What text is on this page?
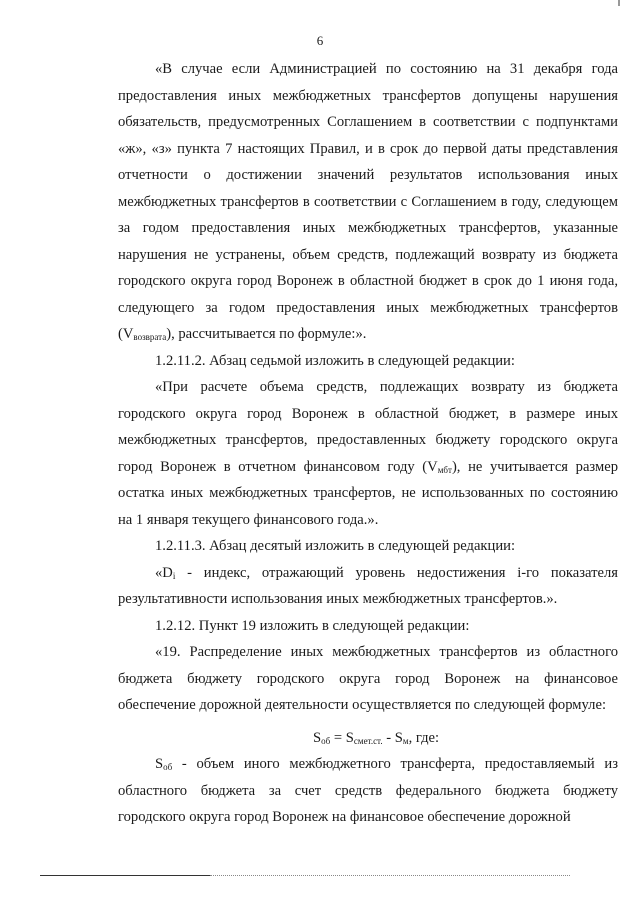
6

«В случае если Администрацией по состоянию на 31 декабря года предоставления иных межбюджетных трансфертов допущены нарушения обязательств, предусмотренных Соглашением в соответствии с подпунктами «ж», «з» пункта 7 настоящих Правил, и в срок до первой даты представления отчетности о достижении значений результатов использования иных межбюджетных трансфертов в соответствии с Соглашением в году, следующем за годом предоставления иных межбюджетных трансфертов, указанные нарушения не устранены, объем средств, подлежащий возврату из бюджета городского округа город Воронеж в областной бюджет в срок до 1 июня года, следующего за годом предоставления иных межбюджетных трансфертов $(V_{возврата})$, рассчитывается по формуле:».

1.2.11.2. Абзац седьмой изложить в следующей редакции:

«При расчете объема средств, подлежащих возврату из бюджета городского округа город Воронеж в областной бюджет, в размере иных межбюджетных трансфертов, предоставленных бюджету городского округа город Воронеж в отчетном финансовом году $(V_{мбт})$, не учитывается размер остатка иных межбюджетных трансфертов, не использованных по состоянию на 1 января текущего финансового года.».

1.2.11.3. Абзац десятый изложить в следующей редакции:

«$D_i$ - индекс, отражающий уровень недостижения i-го показателя результативности использования иных межбюджетных трансфертов.».

1.2.12. Пункт 19 изложить в следующей редакции:

«19. Распределение иных межбюджетных трансфертов из областного бюджета бюджету городского округа город Воронеж на финансовое обеспечение дорожной деятельности осуществляется по следующей формуле:

$S_{об} = S_{смет.ст.} - S_м$, где:

$S_{об}$ - объем иного межбюджетного трансферта, предоставляемый из областного бюджета за счет средств федерального бюджета бюджету городского округа город Воронеж на финансовое обеспечение дорожной
